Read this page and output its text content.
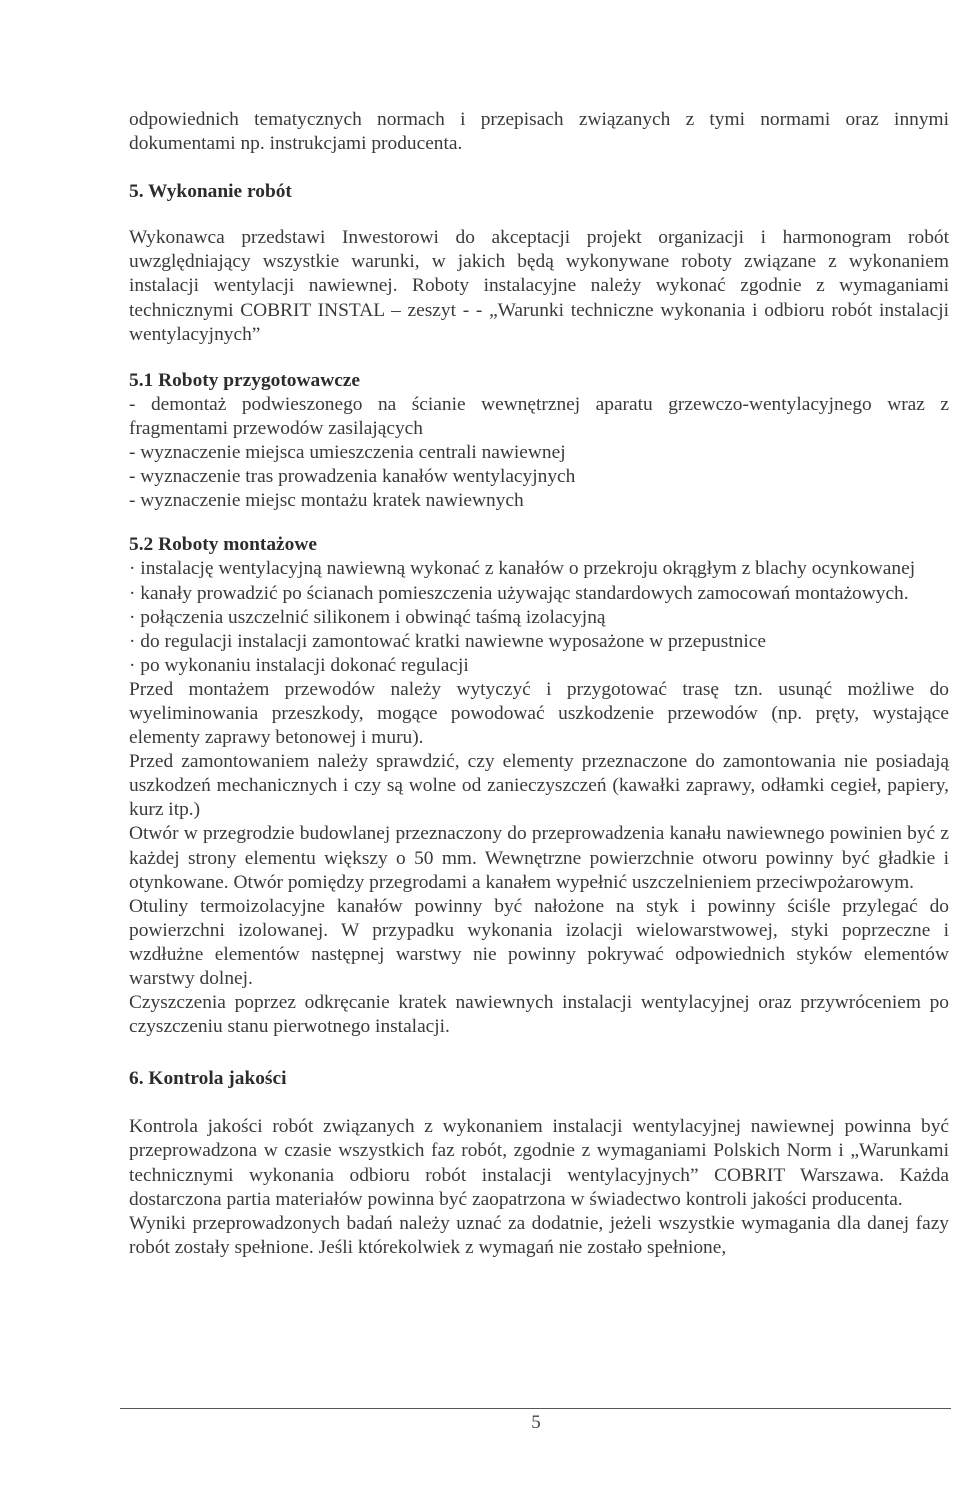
odpowiednich tematycznych normach i przepisach związanych z tymi normami oraz innymi dokumentami np. instrukcjami producenta.

5. Wykonanie robót

Wykonawca przedstawi Inwestorowi do akceptacji projekt organizacji i harmonogram robót uwzględniający wszystkie warunki, w jakich będą wykonywane roboty związane z wykonaniem instalacji wentylacji nawiewnej. Roboty instalacyjne należy wykonać zgodnie z wymaganiami technicznymi COBRIT INSTAL – zeszyt - - „Warunki techniczne wykonania i odbioru robót instalacji wentylacyjnych”

5.1 Roboty przygotowawcze

- demontaż podwieszonego na ścianie wewnętrznej aparatu grzewczo-wentylacyjnego wraz z fragmentami przewodów zasilających

- wyznaczenie miejsca umieszczenia centrali nawiewnej

- wyznaczenie tras prowadzenia kanałów wentylacyjnych

- wyznaczenie miejsc montażu kratek nawiewnych

5.2 Roboty montażowe

· instalację wentylacyjną nawiewną wykonać z kanałów o przekroju okrągłym z blachy ocynkowanej

· kanały prowadzić po ścianach pomieszczenia używając standardowych zamocowań montażowych.

· połączenia uszczelnić silikonem i obwinąć taśmą izolacyjną

· do regulacji instalacji zamontować kratki nawiewne wyposażone w przepustnice

· po wykonaniu instalacji dokonać regulacji

Przed montażem przewodów należy wytyczyć i przygotować trasę tzn. usunąć możliwe do wyeliminowania przeszkody, mogące powodować uszkodzenie przewodów (np. pręty, wystające elementy zaprawy betonowej i muru).

Przed zamontowaniem należy sprawdzić, czy elementy przeznaczone do zamontowania nie posiadają uszkodzeń mechanicznych i czy są wolne od zanieczyszczeń (kawałki zaprawy, odłamki cegieł, papiery, kurz itp.)

Otwór w przegrodzie budowlanej przeznaczony do przeprowadzenia kanału nawiewnego powinien być z każdej strony elementu większy o 50 mm. Wewnętrzne powierzchnie otworu powinny być gładkie i otynkowane. Otwór pomiędzy przegrodami a kanałem wypełnić uszczelnieniem przeciwpożarowym.

Otuliny termoizolacyjne kanałów powinny być nałożone na styk i powinny ściśle przylegać do powierzchni izolowanej. W przypadku wykonania izolacji wielowarstwowej, styki poprzeczne i wzdłużne elementów następnej warstwy nie powinny pokrywać odpowiednich styków elementów warstwy dolnej.

Czyszczenia poprzez odkręcanie kratek nawiewnych instalacji wentylacyjnej oraz przywróceniem po czyszczeniu stanu pierwotnego instalacji.

6. Kontrola jakości

Kontrola jakości robót związanych z wykonaniem instalacji wentylacyjnej nawiewnej powinna być przeprowadzona w czasie wszystkich faz robót, zgodnie z wymaganiami Polskich Norm i „Warunkami technicznymi wykonania odbioru robót instalacji wentylacyjnych” COBRIT Warszawa. Każda dostarczona partia materiałów powinna być zaopatrzona w świadectwo kontroli jakości producenta.

Wyniki przeprowadzonych badań należy uznać za dodatnie, jeżeli wszystkie wymagania dla danej fazy robót zostały spełnione. Jeśli którekolwiek z wymagań nie zostało spełnione,

5
